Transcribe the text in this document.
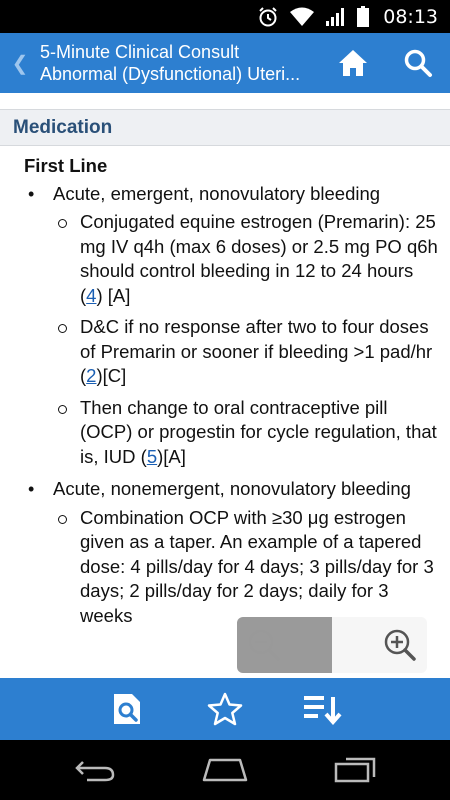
08:13
❮
5-Minute Clinical Consult
Abnormal (Dysfunctional) Uteri...
Medication
First Line
• Acute, emergent, nonovulatory bleeding
Conjugated equine estrogen (Premarin): 25 mg IV q4h (max 6 doses) or 2.5 mg PO q6h should control bleeding in 12 to 24 hours (4) [A]
D&C if no response after two to four doses of Premarin or sooner if bleeding >1 pad/hr (2)[C]
Then change to oral contraceptive pill (OCP) or progestin for cycle regulation, that is, IUD (5)[A]
• Acute, nonemergent, nonovulatory bleeding
Combination OCP with ≥30 μg estrogen given as a taper. An example of a tapered dose: 4 pills/day for 4 days; 3 pills/day for 3 days; 2 pills/day for 2 days; daily for 3 weeks
